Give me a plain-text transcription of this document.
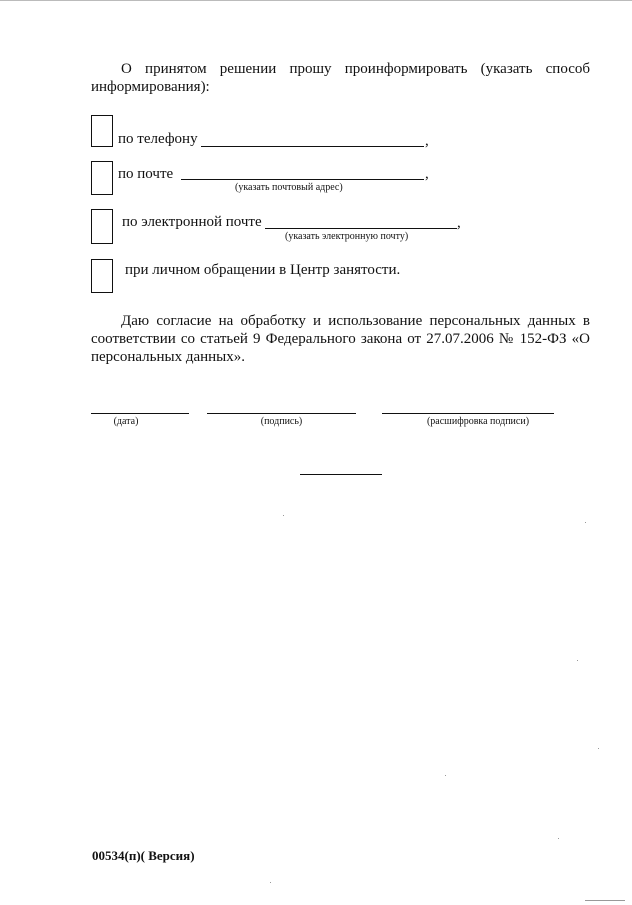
О принятом решении прошу проинформировать (указать способ информирования):
по телефону	,
по почте	,
(указать почтовый адрес)
по электронной почте	,
(указать электронную почту)
при личном обращении в Центр занятости.
Даю согласие на обработку и использование персональных данных в соответствии со статьей 9 Федерального закона от 27.07.2006 № 152-ФЗ «О персональных данных».
(дата)	(подпись)	(расшифровка подписи)
00534(п)( Версия)
